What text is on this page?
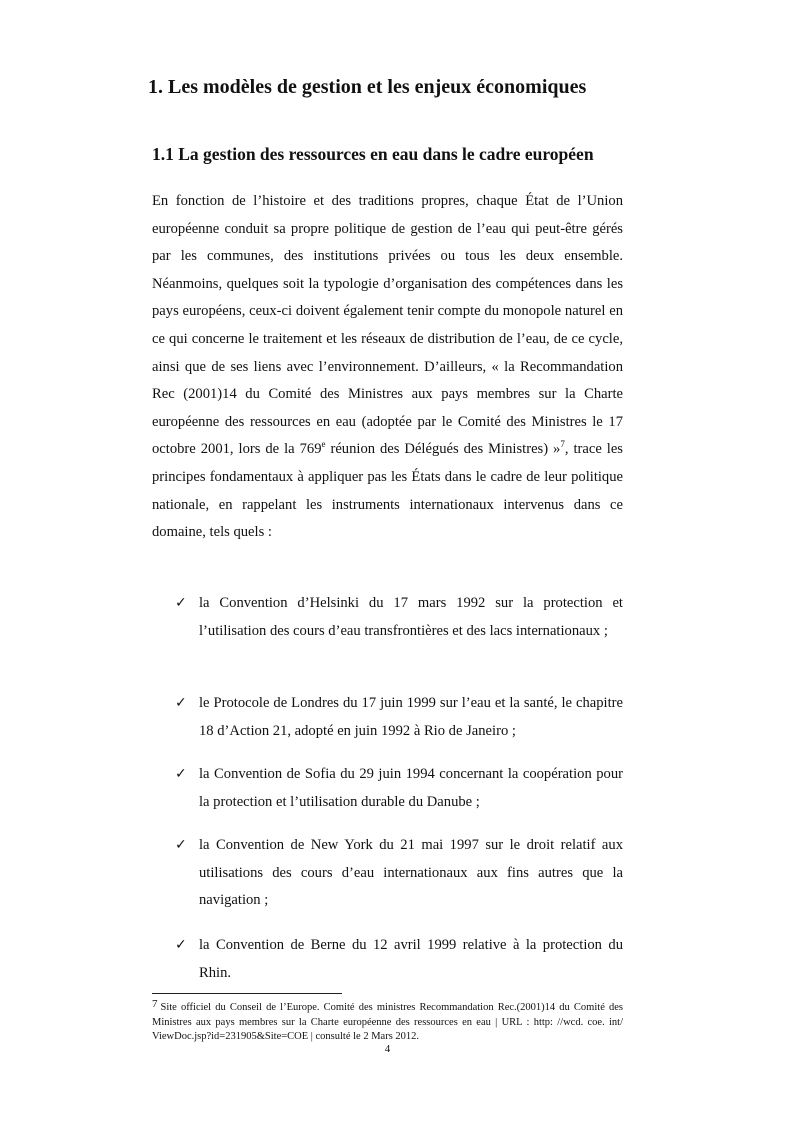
1. Les modèles de gestion et les enjeux économiques
1.1 La gestion des ressources en eau dans le cadre européen

En fonction de l’histoire et des traditions propres, chaque État de l’Union européenne conduit sa propre politique de gestion de l’eau qui peut-être gérés par les communes, des institutions privées ou tous les deux ensemble. Néanmoins, quelques soit la typologie d’organisation des compétences dans les pays européens, ceux-ci doivent également tenir compte du monopole naturel en ce qui concerne le traitement et les réseaux de distribution de l’eau, de ce cycle, ainsi que de ses liens avec l’environnement. D’ailleurs, « la Recommandation Rec (2001)14 du Comité des Ministres aux pays membres sur la Charte européenne des ressources en eau (adoptée par le Comité des Ministres le 17 octobre 2001, lors de la 769e réunion des Délégués des Ministres) »$^7$, trace les principes fondamentaux à appliquer pas les États dans le cadre de leur politique nationale, en rappelant les instruments internationaux intervenus dans ce domaine, tels quels :

✓ la Convention d’Helsinki du 17 mars 1992 sur la protection et l’utilisation des cours d’eau transfrontières et des lacs internationaux ;
✓ le Protocole de Londres du 17 juin 1999 sur l’eau et la santé, le chapitre 18 d’Action 21, adopté en juin 1992 à Rio de Janeiro ;
✓ la Convention de Sofia du 29 juin 1994 concernant la coopération pour la protection et l’utilisation durable du Danube ;
✓ la Convention de New York du 21 mai 1997 sur le droit relatif aux utilisations des cours d’eau internationaux aux fins autres que la navigation ;
✓ la Convention de Berne du 12 avril 1999 relative à la protection du Rhin.

7 Site officiel du Conseil de l’Europe. Comité des ministres Recommandation Rec.(2001)14 du Comité des Ministres aux pays membres sur la Charte européenne des ressources en eau | URL : http: //wcd. coe. int/ ViewDoc.jsp?id=231905&Site=COE | consulté le 2 Mars 2012.

4
